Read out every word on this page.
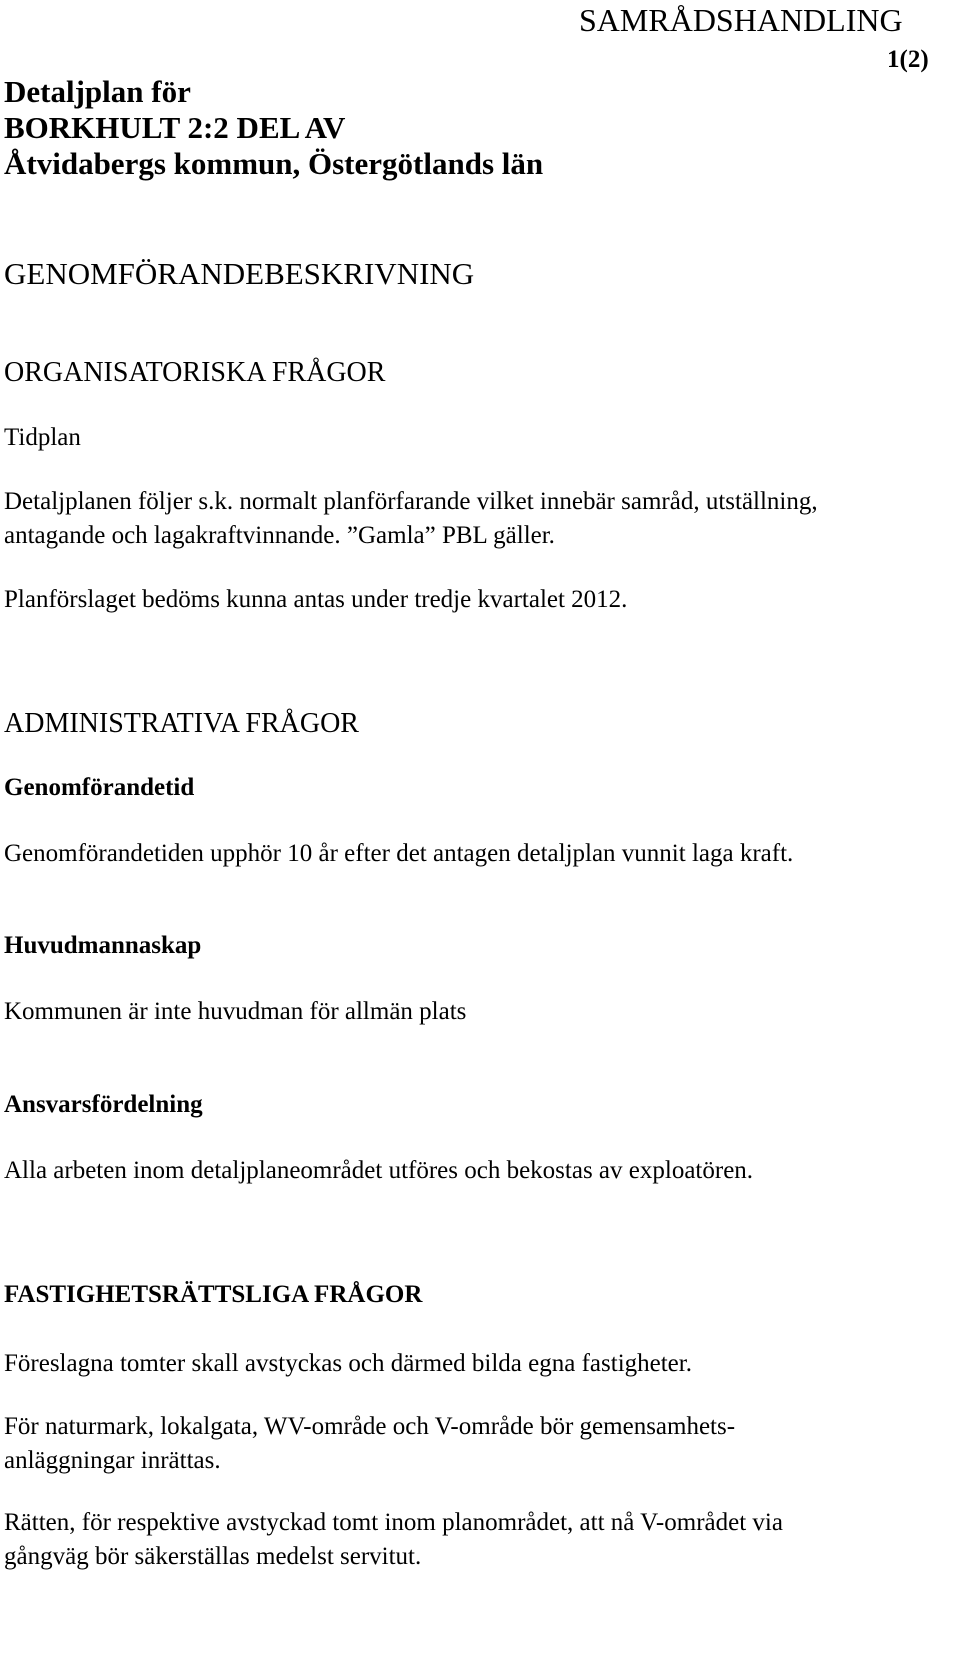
SAMRÅDSHANDLING
1(2)
Detaljplan för
BORKHULT 2:2 DEL AV
Åtvidabergs kommun, Östergötlands län
GENOMFÖRANDEBESKRIVNING
ORGANISATORISKA FRÅGOR
Tidplan
Detaljplanen följer s.k. normalt planförfarande vilket innebär samråd, utställning,
antagande och lagakraftvinnande. ”Gamla” PBL gäller.
Planförslaget bedöms kunna antas under tredje kvartalet 2012.
ADMINISTRATIVA FRÅGOR
Genomförandetid
Genomförandetiden upphör 10 år efter det antagen detaljplan vunnit laga kraft.
Huvudmannaskap
Kommunen är inte huvudman för allmän plats
Ansvarsfördelning
Alla arbeten inom detaljplaneområdet utföres och bekostas av exploatören.
FASTIGHETSRÄTTSLIGA FRÅGOR
Föreslagna tomter skall avstyckas och därmed bilda egna fastigheter.
För naturmark, lokalgata, WV-område och V-område bör gemensamhets-
anläggningar inrättas.
Rätten, för respektive avstyckad tomt inom planområdet, att nå V-området via
gångväg bör säkerställas medelst servitut.
